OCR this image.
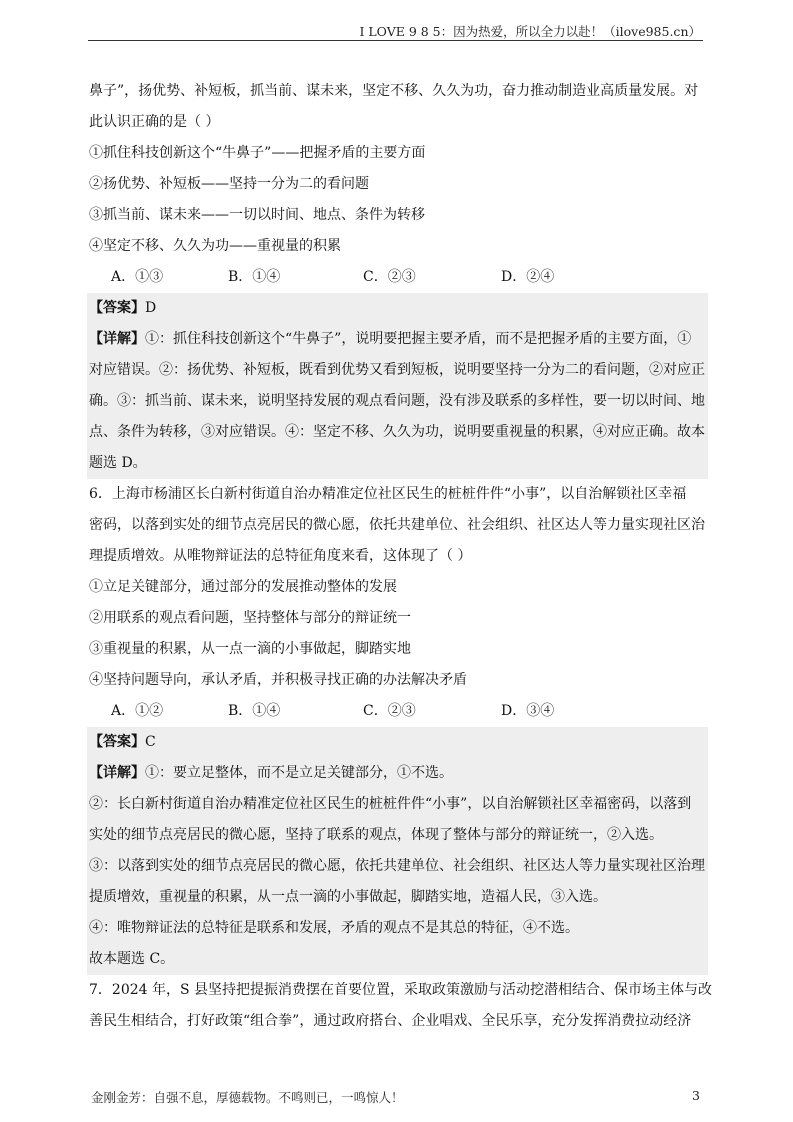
I LOVE 9 8 5：因为热爱，所以全力以赴！（ilove985.cn）
鼻子”，扬优势、补短板，抓当前、谋未来，坚定不移、久久为功，奋力推动制造业高质量发展。对
此认识正确的是（ ）
①抓住科技创新这个“牛鼻子”——把握矛盾的主要方面
②扬优势、补短板——坚持一分为二的看问题
③抓当前、谋未来——一切以时间、地点、条件为转移
④坚定不移、久久为功——重视量的积累
A．①③	B．①④	C．②③	D．②④
【答案】D
【详解】①：抓住科技创新这个“牛鼻子”，说明要把握主要矛盾，而不是把握矛盾的主要方面，①
对应错误。②：扬优势、补短板，既看到优势又看到短板，说明要坚持一分为二的看问题，②对应正
确。③：抓当前、谋未来，说明坚持发展的观点看问题，没有涉及联系的多样性，要一切以时间、地
点、条件为转移，③对应错误。④：坚定不移、久久为功，说明要重视量的积累，④对应正确。故本
题选 D。
6．上海市杨浦区长白新村街道自治办精准定位社区民生的桩桩件件“小事”，以自治解锁社区幸福
密码，以落到实处的细节点亮居民的微心愿，依托共建单位、社会组织、社区达人等力量实现社区治
理提质增效。从唯物辩证法的总特征角度来看，这体现了（ ）
①立足关键部分，通过部分的发展推动整体的发展
②用联系的观点看问题，坚持整体与部分的辩证统一
③重视量的积累，从一点一滴的小事做起，脚踏实地
④坚持问题导向，承认矛盾，并积极寻找正确的办法解决矛盾
A．①②	B．①④	C．②③	D．③④
【答案】C
【详解】①：要立足整体，而不是立足关键部分，①不选。
②：长白新村街道自治办精准定位社区民生的桩桩件件“小事”，以自治解锁社区幸福密码，以落到
实处的细节点亮居民的微心愿，坚持了联系的观点，体现了整体与部分的辩证统一，②入选。
③：以落到实处的细节点亮居民的微心愿，依托共建单位、社会组织、社区达人等力量实现社区治理
提质增效，重视量的积累，从一点一滴的小事做起，脚踏实地，造福人民，③入选。
④：唯物辩证法的总特征是联系和发展，矛盾的观点不是其总的特征，④不选。
故本题选 C。
7．2024 年，S 县坚持把提振消费摆在首要位置，采取政策激励与活动挖潜相结合、保市场主体与改
善民生相结合，打好政策“组合拳”，通过政府搭台、企业唱戏、全民乐享，充分发挥消费拉动经济
金刚金芳：自强不息，厚德载物。不鸣则已，一鸣惊人！	3
